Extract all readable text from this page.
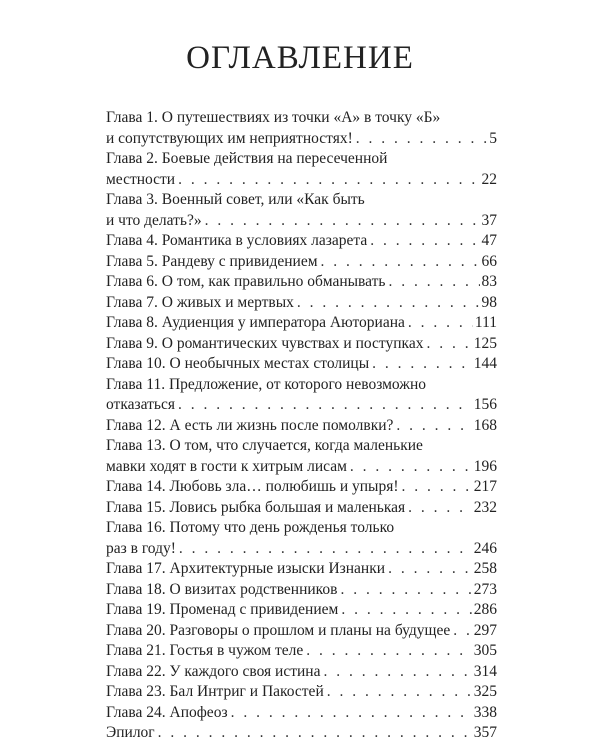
ОГЛАВЛЕНИЕ
Глава 1. О путешествиях из точки «А» в точку «Б»
и сопутствующих им неприятностях! . . .	5
Глава 2. Боевые действия на пересеченной
местности . . .	22
Глава 3. Военный совет, или «Как быть
и что делать?» . . .	37
Глава 4. Романтика в условиях лазарета . . .	47
Глава 5. Рандеву с привидением . . .	66
Глава 6. О том, как правильно обманывать . . .	83
Глава 7. О живых и мертвых . . .	98
Глава 8. Аудиенция у императора Аюториана . . .	111
Глава 9. О романтических чувствах и поступках . . .	125
Глава 10. О необычных местах столицы . . .	144
Глава 11. Предложение, от которого невозможно
отказаться . . .	156
Глава 12. А есть ли жизнь после помолвки? . . .	168
Глава 13. О том, что случается, когда маленькие
мавки ходят в гости к хитрым лисам . . .	196
Глава 14. Любовь зла… полюбишь и упыря! . . .	217
Глава 15. Ловись рыбка большая и маленькая . . .	232
Глава 16. Потому что день рожденья только
раз в году! . . .	246
Глава 17. Архитектурные изыски Изнанки . . .	258
Глава 18. О визитах родственников . . .	273
Глава 19. Променад с привидением . . .	286
Глава 20. Разговоры о прошлом и планы на будущее . . . 297
Глава 21. Гостья в чужом теле . . .	305
Глава 22. У каждого своя истина . . .	314
Глава 23. Бал Интриг и Пакостей . . .	325
Глава 24. Апофеоз . . .	338
Эпилог . . .	357
